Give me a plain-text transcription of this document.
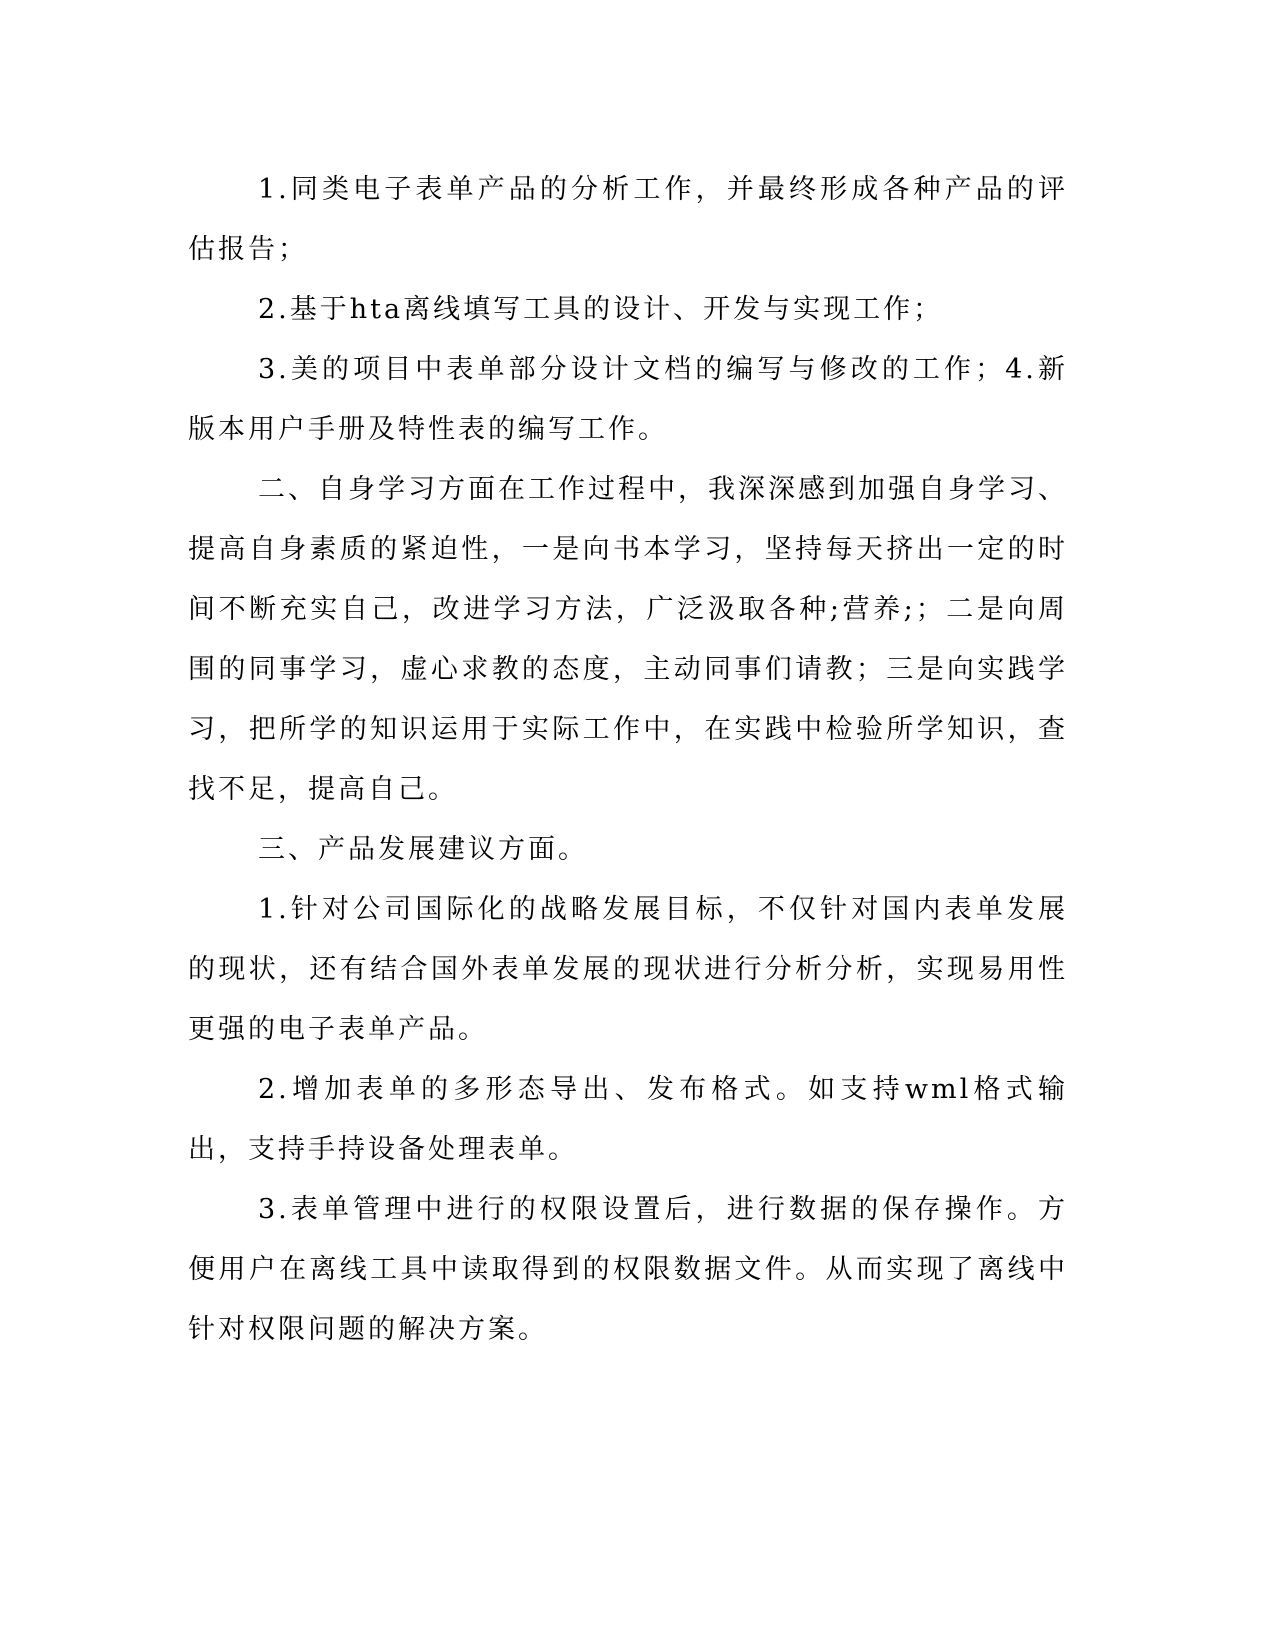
1.同类电子表单产品的分析工作，并最终形成各种产品的评估报告；

2.基于hta离线填写工具的设计、开发与实现工作；

3.美的项目中表单部分设计文档的编写与修改的工作；4.新版本用户手册及特性表的编写工作。

二、自身学习方面在工作过程中，我深深感到加强自身学习、提高自身素质的紧迫性，一是向书本学习，坚持每天挤出一定的时间不断充实自己，改进学习方法，广泛汲取各种;营养;；二是向周围的同事学习，虚心求教的态度，主动同事们请教；三是向实践学习，把所学的知识运用于实际工作中，在实践中检验所学知识，查找不足，提高自己。

三、产品发展建议方面。

1.针对公司国际化的战略发展目标，不仅针对国内表单发展的现状，还有结合国外表单发展的现状进行分析分析，实现易用性更强的电子表单产品。

2.增加表单的多形态导出、发布格式。如支持wml格式输出，支持手持设备处理表单。

3.表单管理中进行的权限设置后，进行数据的保存操作。方便用户在离线工具中读取得到的权限数据文件。从而实现了离线中针对权限问题的解决方案。
